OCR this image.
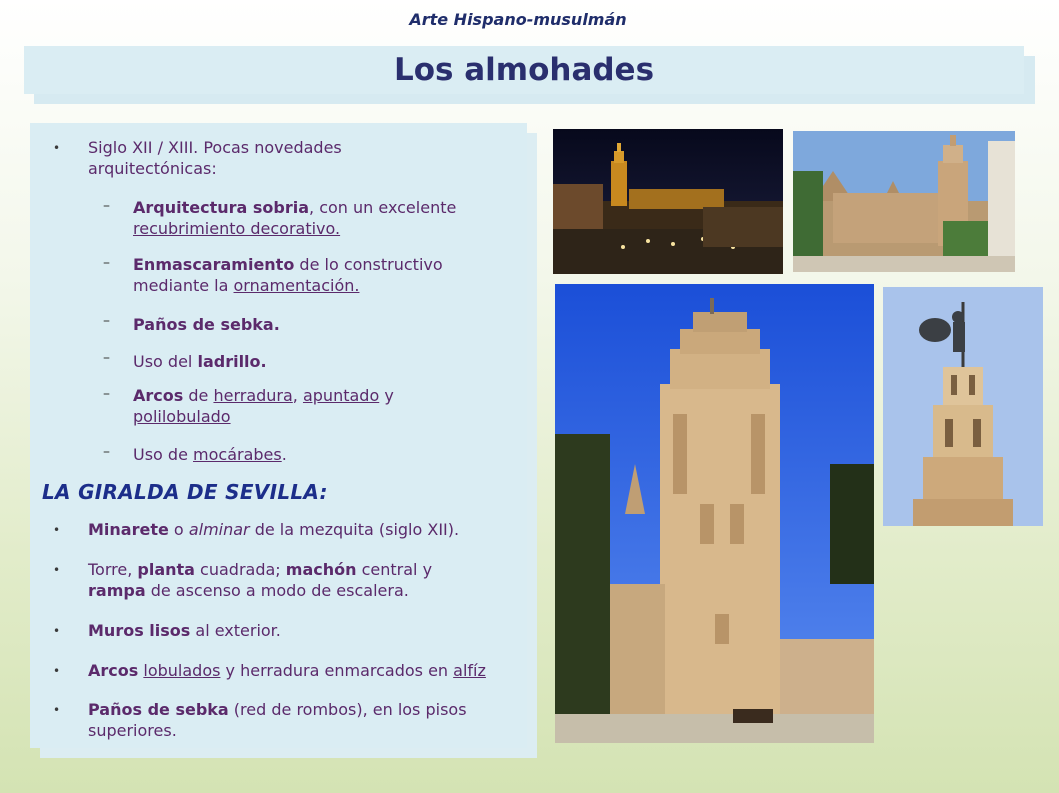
Arte Hispano-musulmán
Los almohades
• Siglo XII / XIII. Pocas novedades
arquitectónicas:
– Arquitectura sobria, con un excelente
recubrimiento decorativo.
– Enmascaramiento de lo constructivo
mediante la ornamentación.
– Paños de sebka.
– Uso del ladrillo.
– Arcos de herradura, apuntado y
polilobulado
– Uso de mocárabes.
LA GIRALDA DE SEVILLA:
• Minarete o alminar de la mezquita (siglo XII).
• Torre, planta cuadrada; machón central y
rampa de ascenso a modo de escalera.
• Muros lisos al exterior.
• Arcos lobulados y herradura enmarcados en alfíz
• Paños de sebka (red de rombos), en los pisos
superiores.
